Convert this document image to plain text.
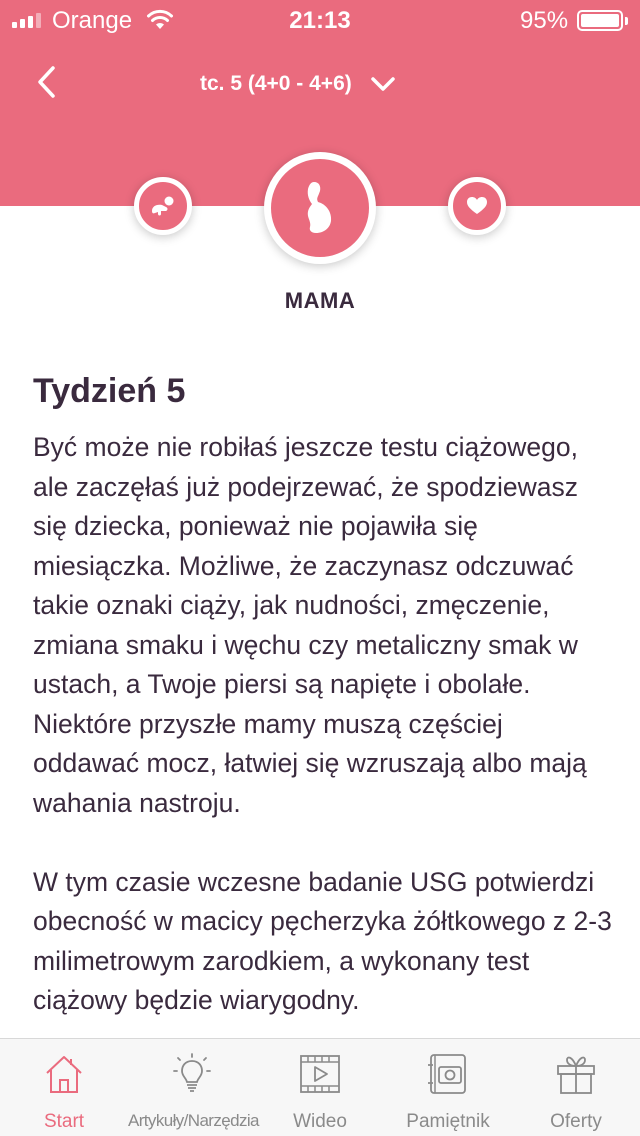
Orange	21:13	95%
tc. 5 (4+0 - 4+6)
MAMA
Tydzień 5

Być może nie robiłaś jeszcze testu ciążowego, ale zaczęłaś już podejrzewać, że spodziewasz się dziecka, ponieważ nie pojawiła się miesiączka. Możliwe, że zaczynasz odczuwać takie oznaki ciąży, jak nudności, zmęczenie, zmiana smaku i węchu czy metaliczny smak w ustach, a Twoje piersi są napięte i obolałe. Niektóre przyszłe mamy muszą częściej oddawać mocz, łatwiej się wzruszają albo mają wahania nastroju.

W tym czasie wczesne badanie USG potwierdzi obecność w macicy pęcherzyka żółtkowego z 2-3 milimetrowym zarodkiem, a wykonany test ciążowy będzie wiarygodny.

Start	Artykuły/Narzędzia	Wideo	Pamiętnik	Oferty
